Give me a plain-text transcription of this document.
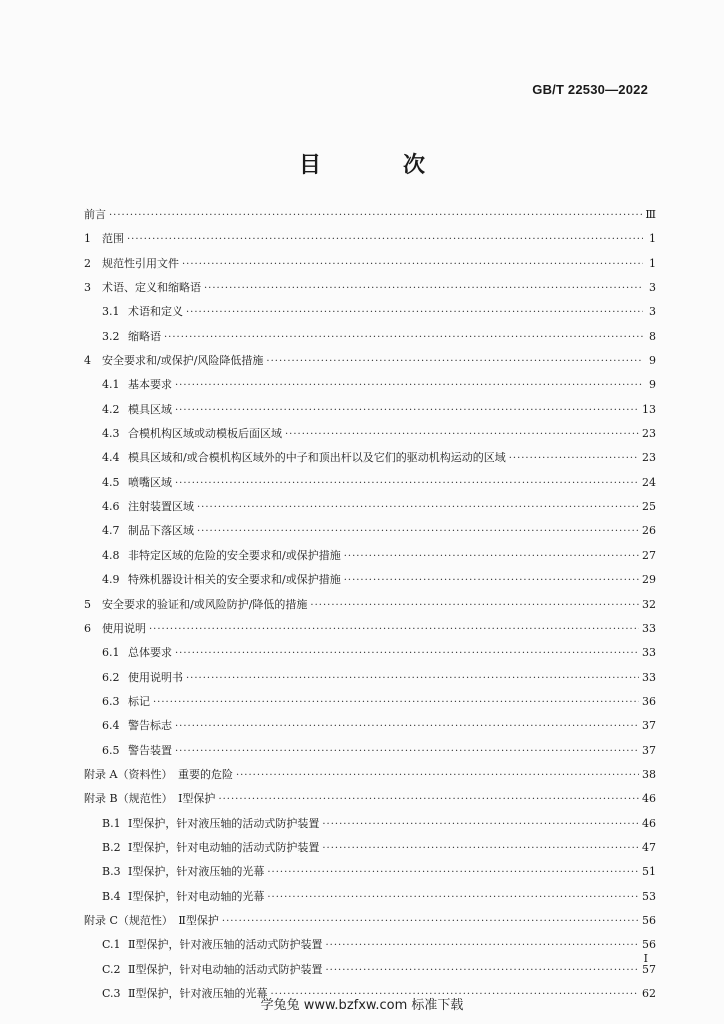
GB/T 22530—2022
目　次
前言 ·····	Ⅲ
1	范围 ·····	1
2	规范性引用文件 ·····	1
3	术语、定义和缩略语 ·····	3
3.1 术语和定义 ·····	3
3.2 缩略语 ·····	8
4	安全要求和/或保护/风险降低措施 ·····	9
4.1 基本要求 ·····	9
4.2 模具区域 ·····	13
4.3 合模机构区域或动模板后面区域 ·····	23
4.4 模具区域和/或合模机构区域外的中子和顶出杆以及它们的驱动机构运动的区域 ·····	23
4.5 喷嘴区域 ·····	24
4.6 注射装置区域 ·····	25
4.7 制品下落区域 ·····	26
4.8 非特定区域的危险的安全要求和/或保护措施 ·····	27
4.9 特殊机器设计相关的安全要求和/或保护措施 ·····	29
5	安全要求的验证和/或风险防护/降低的措施 ·····	32
6	使用说明 ·····	33
6.1 总体要求 ·····	33
6.2 使用说明书 ·····	33
6.3 标记 ·····	36
6.4 警告标志 ·····	37
6.5 警告装置 ·····	37
附录 A（资料性）　重要的危险 ·····	38
附录 B（规范性）　Ⅰ型保护 ·····	46
B.1 Ⅰ型保护，针对液压轴的活动式防护装置 ·····	46
B.2 Ⅰ型保护，针对电动轴的活动式防护装置 ·····	47
B.3 Ⅰ型保护，针对液压轴的光幕 ·····	51
B.4 Ⅰ型保护，针对电动轴的光幕 ·····	53
附录 C（规范性）　Ⅱ型保护 ·····	56
C.1 Ⅱ型保护，针对液压轴的活动式防护装置 ·····	56
C.2 Ⅱ型保护，针对电动轴的活动式防护装置 ·····	57
C.3 Ⅱ型保护，针对液压轴的光幕 ·····	62
Ⅰ
学兔兔 www.bzfxw.com 标准下载
